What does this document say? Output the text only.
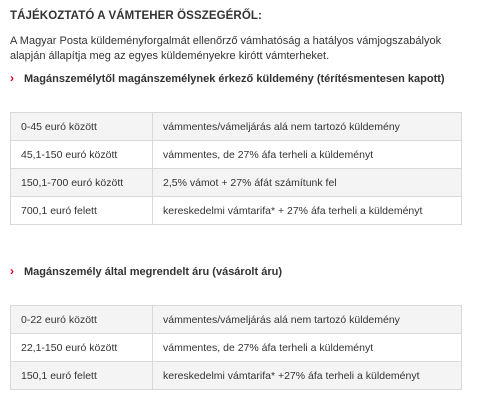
TÁJÉKOZTATÓ A VÁMTEHER ÖSSZEGÉRŐL:
A Magyar Posta küldeményforgalmát ellenőrző vámhatóság a hatályos vámjogszabályok alapján állapítja meg az egyes küldeményekre kirótt vámterheket.
› Magánszemélytől magánszemélynek érkező küldemény (térítésmentesen kapott)
0-45 euró között	vámmentes/vámeljárás alá nem tartozó küldemény
45,1-150 euró között	vámmentes, de 27% áfa terheli a küldeményt
150,1-700 euró között	2,5% vámot + 27% áfát számítunk fel
700,1 euró felett	kereskedelmi vámtarifa* + 27% áfa terheli a küldeményt
› Magánszemély által megrendelt áru (vásárolt áru)
0-22 euró között	vámmentes/vámeljárás alá nem tartozó küldemény
22,1-150 euró között	vámmentes, de 27% áfa terheli a küldeményt
150,1 euró felett	kereskedelmi vámtarifa* +27% áfa terheli a küldeményt
